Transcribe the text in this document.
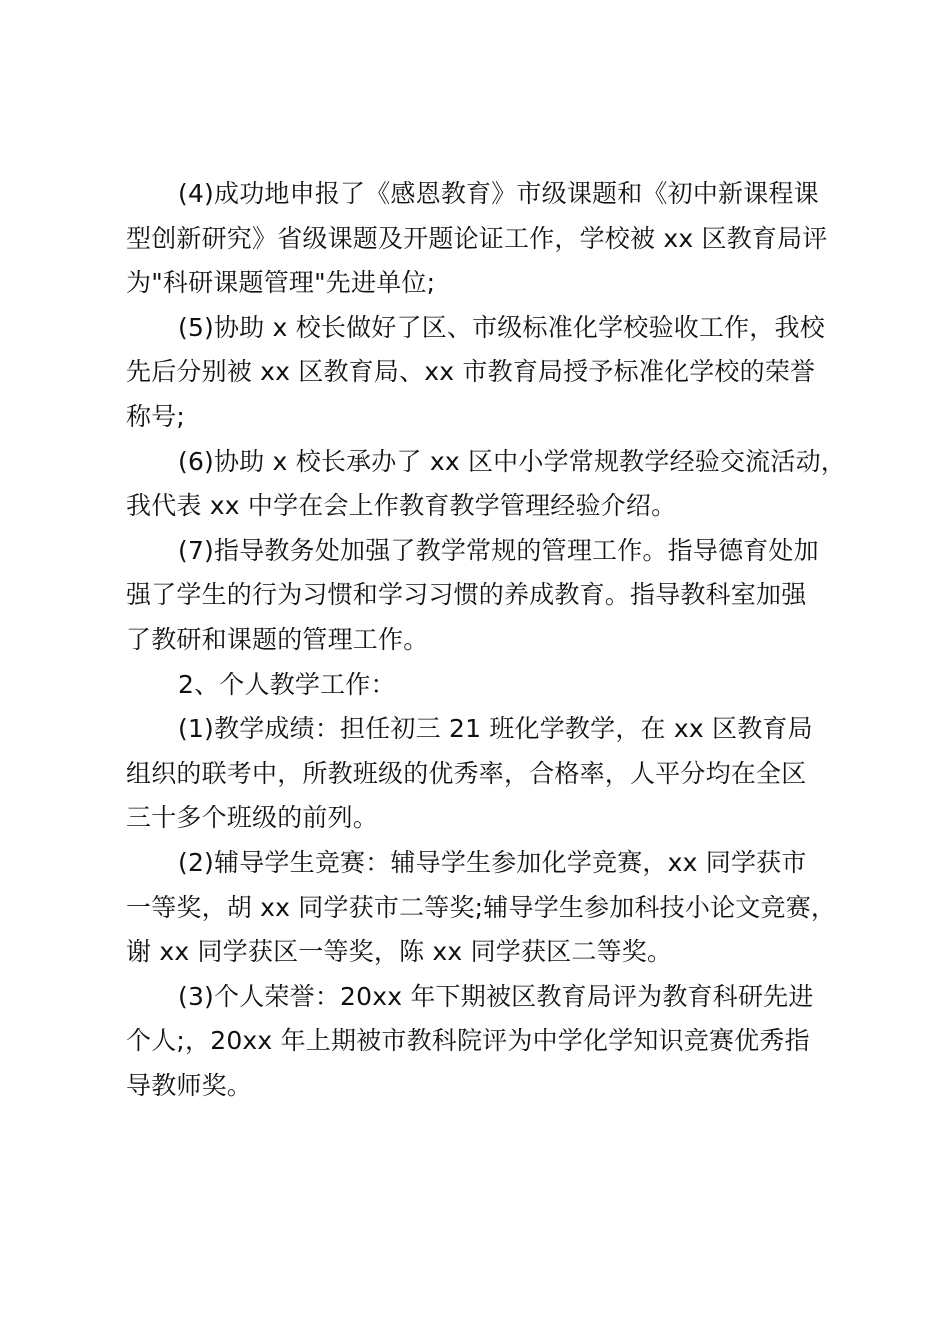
(4)成功地申报了《感恩教育》市级课题和《初中新课程课
型创新研究》省级课题及开题论证工作，学校被 xx 区教育局评
为"科研课题管理"先进单位;

(5)协助 x 校长做好了区、市级标准化学校验收工作，我校
先后分别被 xx 区教育局、xx 市教育局授予标准化学校的荣誉
称号;

(6)协助 x 校长承办了 xx 区中小学常规教学经验交流活动，
我代表 xx 中学在会上作教育教学管理经验介绍。

(7)指导教务处加强了教学常规的管理工作。指导德育处加
强了学生的行为习惯和学习习惯的养成教育。指导教科室加强
了教研和课题的管理工作。

2、个人教学工作：

(1)教学成绩：担任初三 21 班化学教学，在 xx 区教育局
组织的联考中，所教班级的优秀率，合格率，人平分均在全区
三十多个班级的前列。

(2)辅导学生竞赛：辅导学生参加化学竞赛，xx 同学获市
一等奖，胡 xx 同学获市二等奖;辅导学生参加科技小论文竞赛，
谢 xx 同学获区一等奖，陈 xx 同学获区二等奖。

(3)个人荣誉：20xx 年下期被区教育局评为教育科研先进
个人;，20xx 年上期被市教科院评为中学化学知识竞赛优秀指
导教师奖。
